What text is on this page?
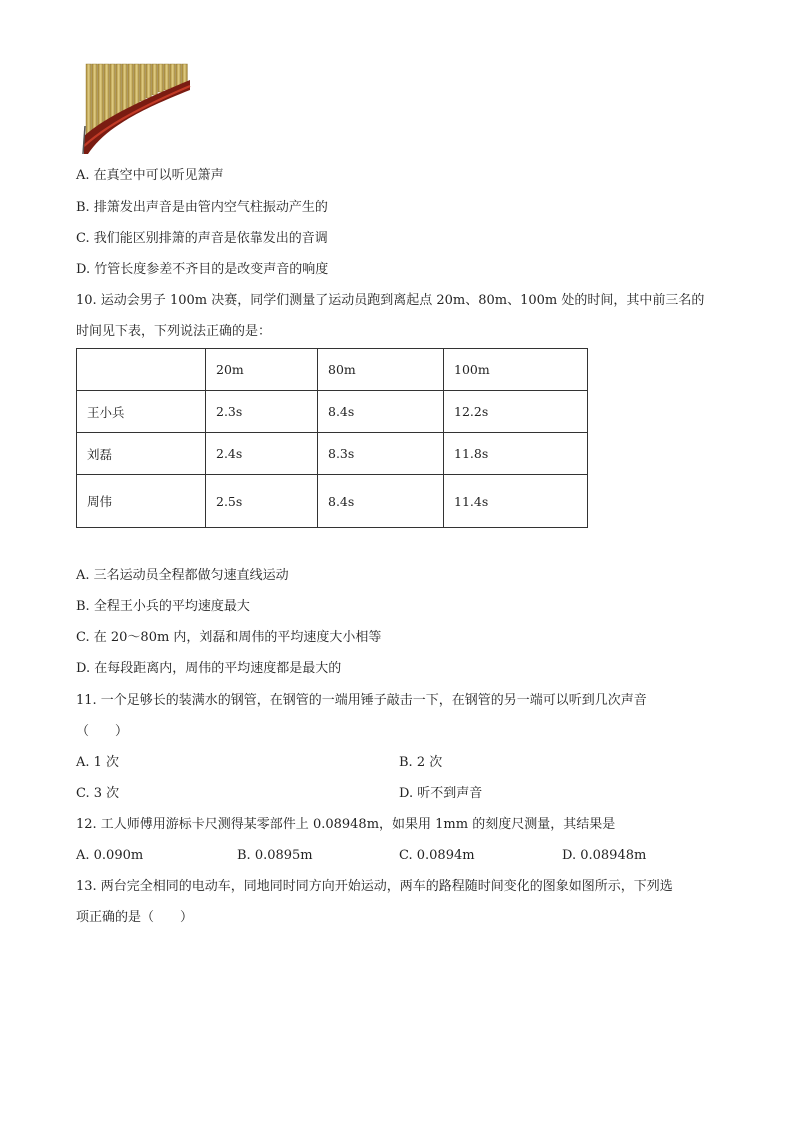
A. 在真空中可以听见箫声
B. 排箫发出声音是由管内空气柱振动产生的
C. 我们能区别排箫的声音是依靠发出的音调
D. 竹管长度参差不齐目的是改变声音的响度
10. 运动会男子 100m 决赛，同学们测量了运动员跑到离起点 20m、80m、100m 处的时间，其中前三名的
时间见下表，下列说法正确的是：
	20m	80m	100m
王小兵	2.3s	8.4s	12.2s
刘磊	2.4s	8.3s	11.8s
周伟	2.5s	8.4s	11.4s
A. 三名运动员全程都做匀速直线运动
B. 全程王小兵的平均速度最大
C. 在 20～80m 内，刘磊和周伟的平均速度大小相等
D. 在每段距离内，周伟的平均速度都是最大的
11. 一个足够长的装满水的钢管，在钢管的一端用锤子敲击一下，在钢管的另一端可以听到几次声音
（　　）
A. 1 次	B. 2 次
C. 3 次	D. 听不到声音
12. 工人师傅用游标卡尺测得某零部件上 0.08948m，如果用 1mm 的刻度尺测量，其结果是
A. 0.090m	B. 0.0895m	C. 0.0894m	D. 0.08948m
13. 两台完全相同的电动车，同地同时同方向开始运动，两车的路程随时间变化的图象如图所示，下列选
项正确的是（　　）
